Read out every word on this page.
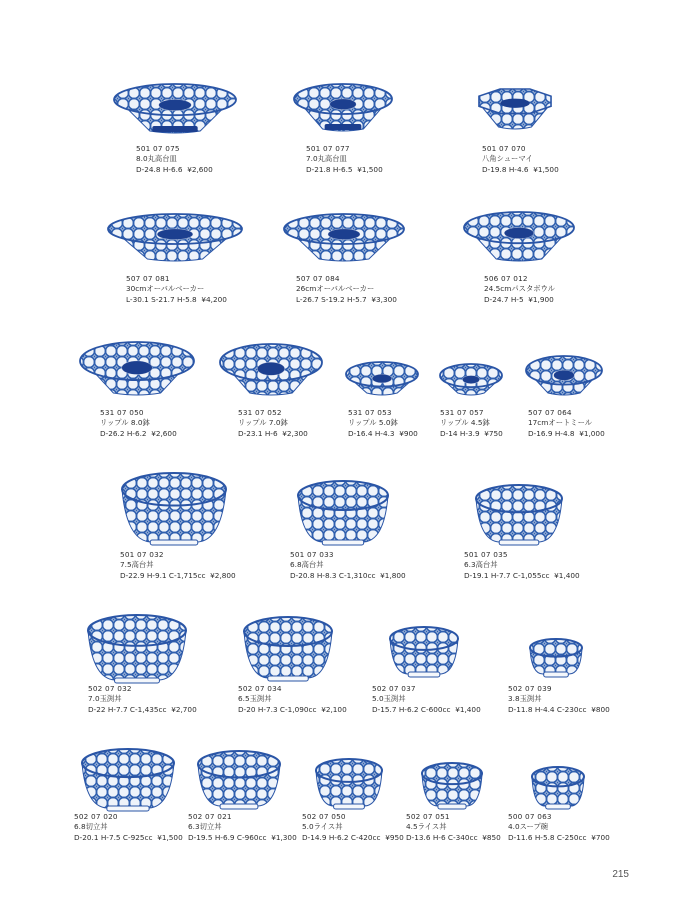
501 07 075
8.0丸高台皿
D-24.8 H-6.6 ¥2,600
501 07 077
7.0丸高台皿
D-21.8 H-6.5 ¥1,500
501 07 070
八角シューマイ
D-19.8 H-4.6 ¥1,500
507 07 081
30cmオーバルベーカー
L-30.1 S-21.7 H-5.8 ¥4,200
507 07 084
26cmオーバルベーカー
L-26.7 S-19.2 H-5.7 ¥3,300
506 07 012
24.5cmパスタボウル
D-24.7 H-5 ¥1,900
531 07 050
リップル 8.0鉢
D-26.2 H-6.2 ¥2,600
531 07 052
リップル 7.0鉢
D-23.1 H-6 ¥2,300
531 07 053
リップル 5.0鉢
D-16.4 H-4.3 ¥900
531 07 057
リップル 4.5鉢
D-14 H-3.9 ¥750
507 07 064
17cmオートミール
D-16.9 H-4.8 ¥1,000
501 07 032
7.5高台丼
D-22.9 H-9.1 C-1,715cc ¥2,800
501 07 033
6.8高台丼
D-20.8 H-8.3 C-1,310cc ¥1,800
501 07 035
6.3高台丼
D-19.1 H-7.7 C-1,055cc ¥1,400
502 07 032
7.0玉渕丼
D-22 H-7.7 C-1,435cc ¥2,700
502 07 034
6.5玉渕丼
D-20 H-7.3 C-1,090cc ¥2,100
502 07 037
5.0玉渕丼
D-15.7 H-6.2 C-600cc ¥1,400
502 07 039
3.8玉渕丼
D-11.8 H-4.4 C-230cc ¥800
502 07 020
6.8切立丼
D-20.1 H-7.5 C-925cc ¥1,500
502 07 021
6.3切立丼
D-19.5 H-6.9 C-960cc ¥1,300
502 07 050
5.0ライス丼
D-14.9 H-6.2 C-420cc ¥950
502 07 051
4.5ライス丼
D-13.6 H-6 C-340cc ¥850
500 07 063
4.0スープ碗
D-11.6 H-5.8 C-250cc ¥700
215
